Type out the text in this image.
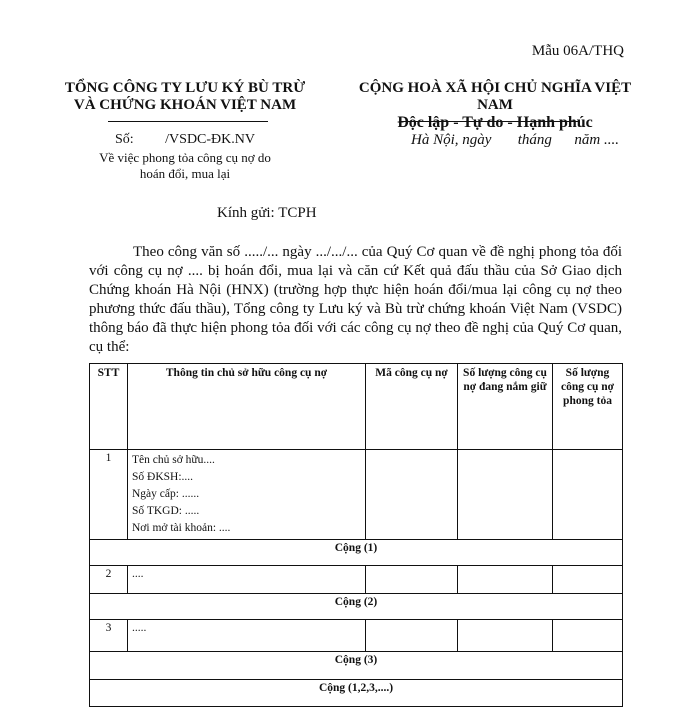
Mẫu 06A/THQ
TỔNG CÔNG TY LƯU KÝ BÙ TRỪ
VÀ CHỨNG KHOÁN VIỆT NAM
CỘNG HOÀ XÃ HỘI CHỦ NGHĨA VIỆT NAM
Độc lập - Tự do - Hạnh phúc
Số:         /VSDC-ĐK.NV
Về việc phong tỏa công cụ nợ do
hoán đổi, mua lại
Hà Nội, ngày       tháng      năm ....
Kính gửi: TCPH
Theo công văn số ...../... ngày .../.../... của Quý Cơ quan về đề nghị phong tỏa đối với công cụ nợ .... bị hoán đổi, mua lại và căn cứ Kết quả đấu thầu của Sở Giao dịch Chứng khoán Hà Nội (HNX) (trường hợp thực hiện hoán đổi/mua lại công cụ nợ theo phương thức đấu thầu), Tổng công ty Lưu ký và Bù trừ chứng khoán Việt Nam (VSDC) thông báo đã thực hiện phong tỏa đối với các công cụ nợ theo đề nghị của Quý Cơ quan, cụ thể:
STT	Thông tin chủ sở hữu công cụ nợ	Mã công cụ nợ	Số lượng công cụ nợ đang nắm giữ	Số lượng công cụ nợ phong tỏa
1	Tên chủ sở hữu....
Số ĐKSH:....
Ngày cấp: ......
Số TKGD: .....
Nơi mở tài khoản: ....			

Cộng (1)				
2	....			
Cộng (2)				
3	.....			
Cộng (3)				
Cộng (1,2,3,....)				
